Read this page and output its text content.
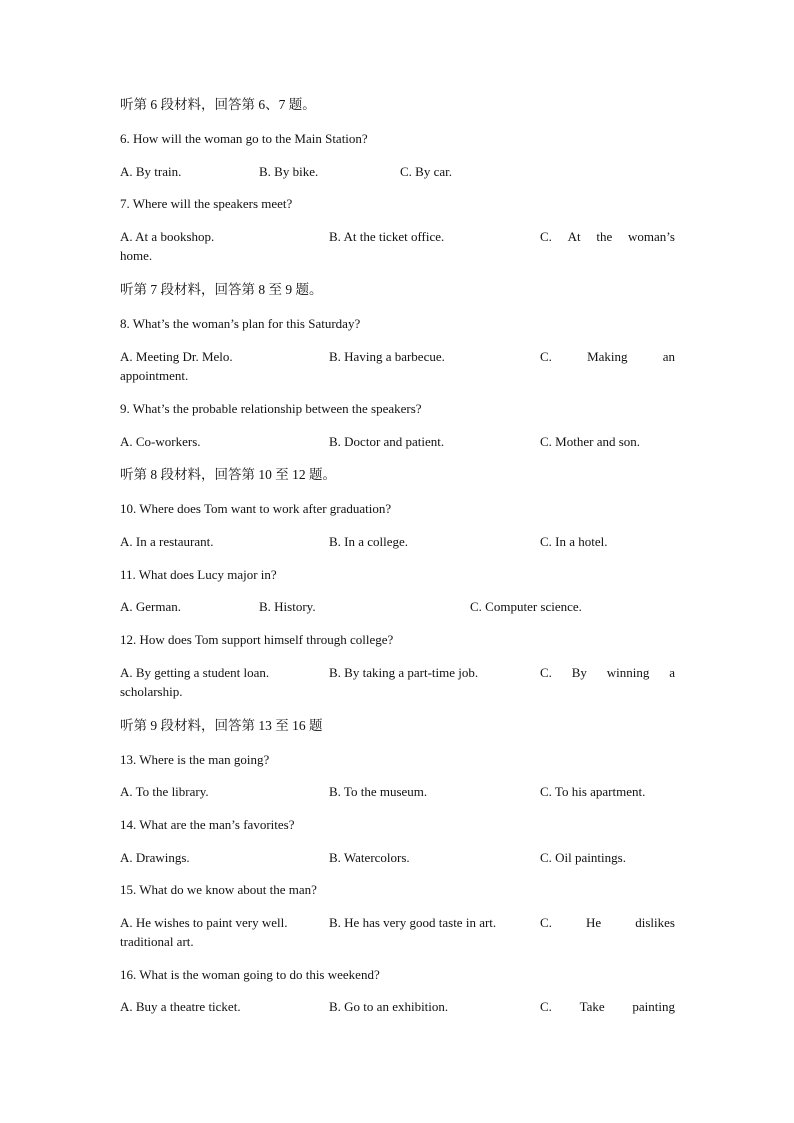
听第 6 段材料，回答第 6、7 题。
6. How will the woman go to the Main Station?
A. By train.	B. By bike.	C. By car.
7. Where will the speakers meet?
A. At a bookshop.	B. At the ticket office.	C. At the woman’s
home.
听第 7 段材料，回答第 8 至 9 题。
8. What’s the woman’s plan for this Saturday?
A. Meeting Dr. Melo.	B. Having a barbecue.	C.	Making	an
appointment.
9. What’s the probable relationship between the speakers?
A. Co-workers.	B. Doctor and patient.	C. Mother and son.
听第 8 段材料，回答第 10 至 12 题。
10. Where does Tom want to work after graduation?
A. In a restaurant.	B. In a college.	C. In a hotel.
11. What does Lucy major in?
A. German.	B. History.	C. Computer science.
12. How does Tom support himself through college?
A. By getting a student loan.	B. By taking a part-time job.	C. By winning a
scholarship.
听第 9 段材料，回答第 13 至 16 题
13. Where is the man going?
A. To the library.	B. To the museum.	C. To his apartment.
14. What are the man’s favorites?
A. Drawings.	B. Watercolors.	C. Oil paintings.
15. What do we know about the man?
A. He wishes to paint very well.	B. He has very good taste in art.	C.	He	dislikes
traditional art.
16. What is the woman going to do this weekend?
A. Buy a theatre ticket.	B. Go to an exhibition.	C. Take painting
